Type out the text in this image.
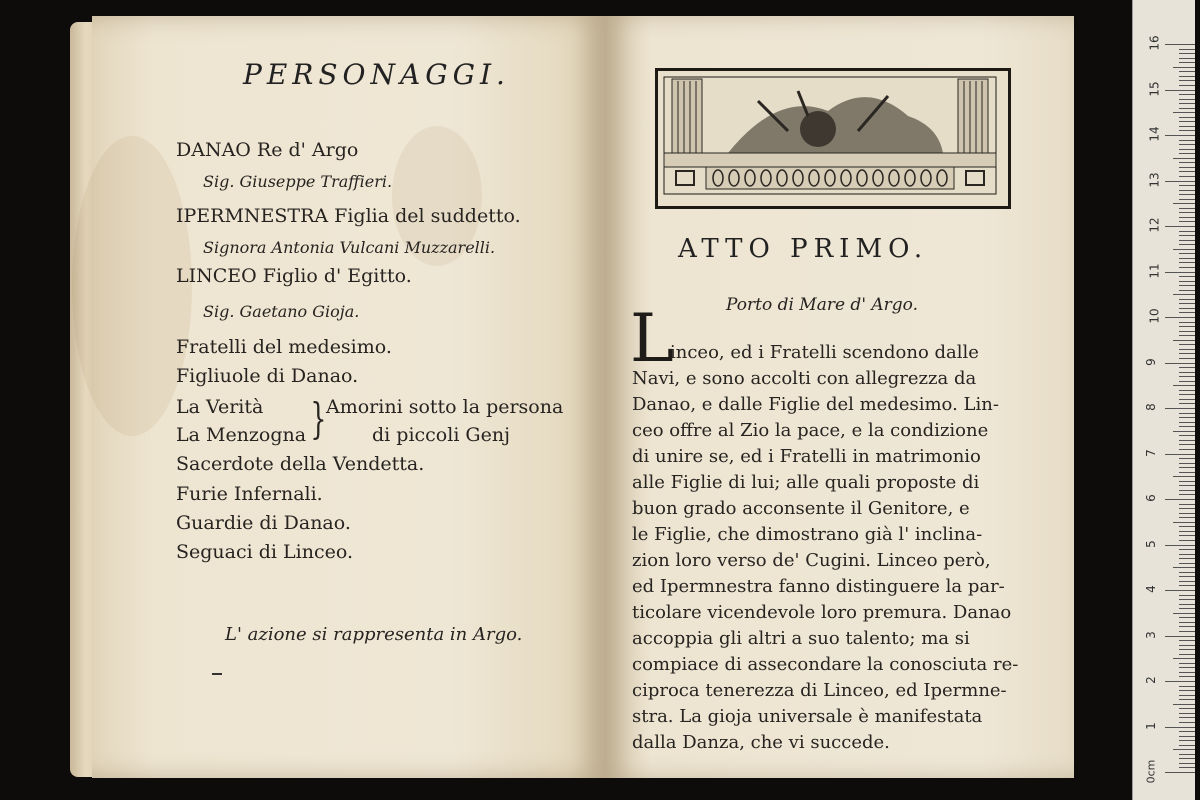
PERSONAGGI.
DANAO Re d' Argo
Sig. Giuseppe Traffieri.
IPERMNESTRA Figlia del suddetto.
Signora Antonia Vulcani Muzzarelli.
LINCEO Figlio d' Egitto.
Sig. Gaetano Gioja.
Fratelli del medesimo.
Figliuole di Danao.
La Verità	Amorini sotto la persona
La Menzogna	di piccoli Genj
}
Sacerdote della Vendetta.
Furie Infernali.
Guardie di Danao.
Seguaci di Linceo.
L' azione si rappresenta in Argo.
ATTO PRIMO.
Porto di Mare d' Argo.
L
inceo, ed i Fratelli scendono dalle
Navi, e sono accolti con allegrezza da
Danao, e dalle Figlie del medesimo. Lin-
ceo offre al Zio la pace, e la condizione
di unire se, ed i Fratelli in matrimonio
alle Figlie di lui; alle quali proposte di
buon grado acconsente il Genitore, e
le Figlie, che dimostrano già l' inclina-
zion loro verso de' Cugini. Linceo però,
ed Ipermnestra fanno distinguere la par-
ticolare vicendevole loro premura. Danao
accoppia gli altri a suo talento; ma si
compiace di assecondare la conosciuta re-
ciproca tenerezza di Linceo, ed Ipermne-
stra. La gioja universale è manifestata
dalla Danza, che vi succede.
0cm
1
2
3
4
5
6
7
8
9
10
11
12
13
14
15
16
